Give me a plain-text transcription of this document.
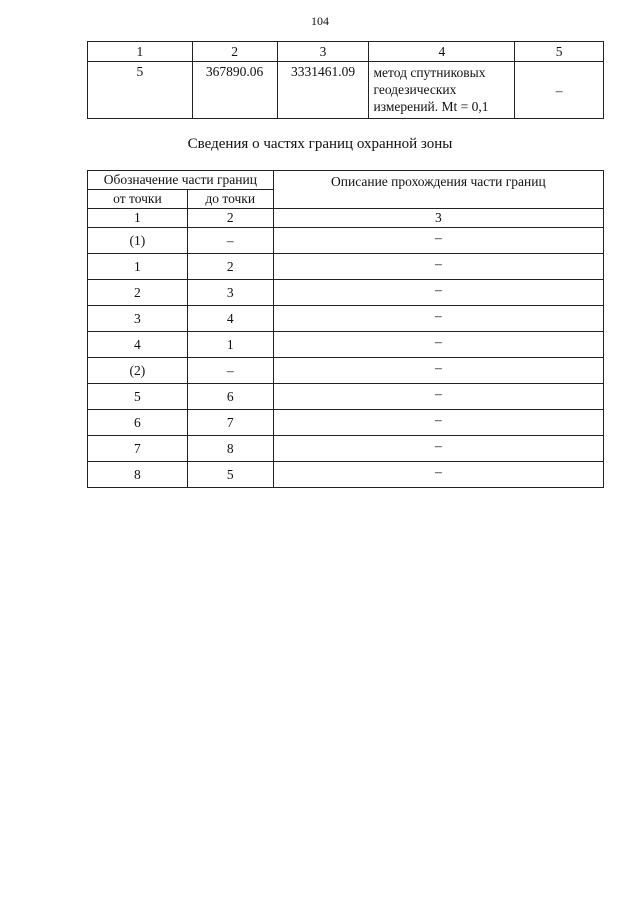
104
1	2	3	4	5
5	367890.06	3331461.09	метод спутниковых
геодезических
измерений. Mt = 0,1	–
Сведения о частях границ охранной зоны
Обозначение части границ		Описание прохождения части границ
от точки	до точки	
1	2	3
(1)	–	–
1	2	–
2	3	–
3	4	–
4	1	–
(2)	–	–
5	6	–
6	7	–
7	8	–
8	5	–
